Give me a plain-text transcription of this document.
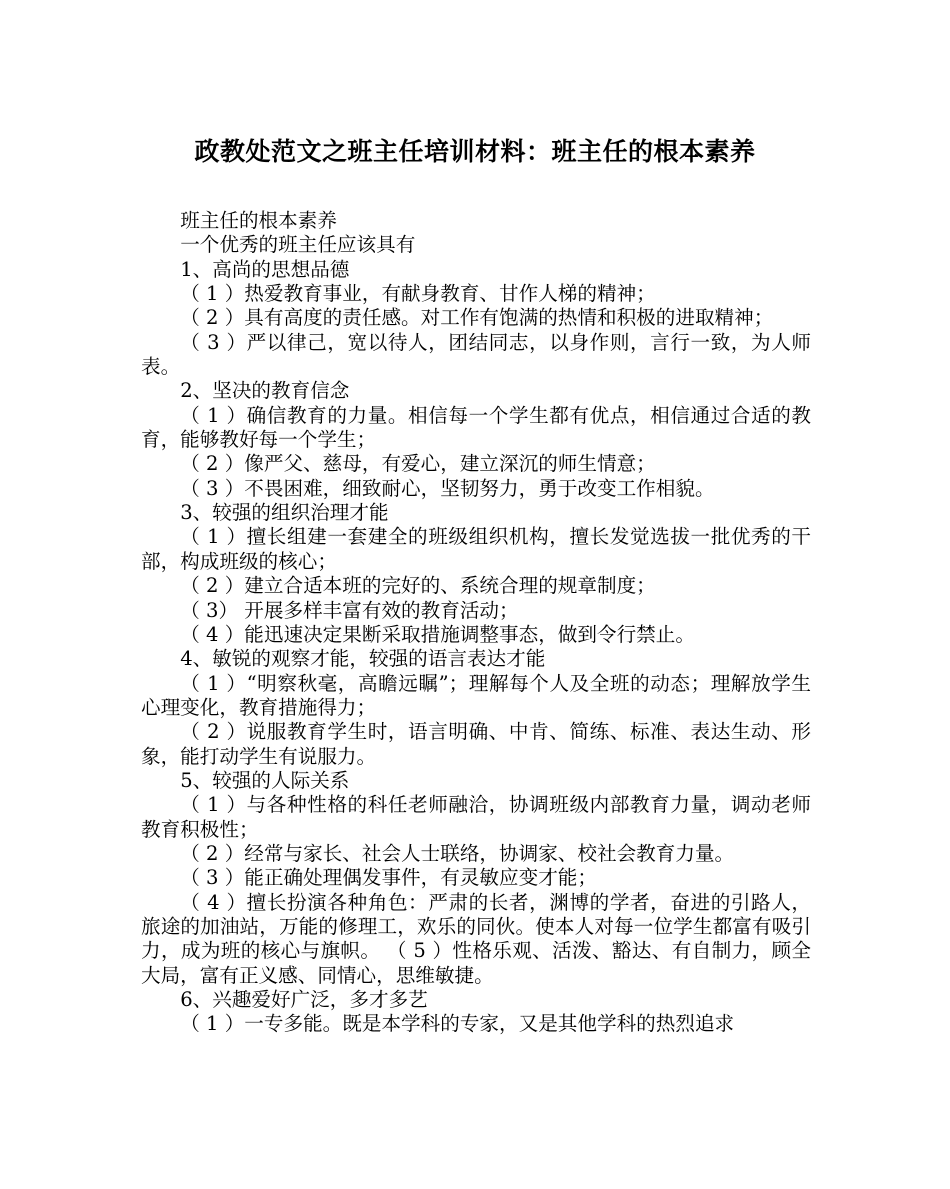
政教处范文之班主任培训材料：班主任的根本素养

班主任的根本素养

一个优秀的班主任应该具有

1、高尚的思想品德

（ 1 ）热爱教育事业，有献身教育、甘作人梯的精神；

（ 2 ）具有高度的责任感。对工作有饱满的热情和积极的进取精神；

（ 3 ）严以律己，宽以待人，团结同志，以身作则，言行一致，为人师表。

2、坚决的教育信念

（ 1 ）确信教育的力量。相信每一个学生都有优点，相信通过合适的教育，能够教好每一个学生；

（ 2 ）像严父、慈母，有爱心，建立深沉的师生情意；

（ 3 ）不畏困难，细致耐心，坚韧努力，勇于改变工作相貌。

3、较强的组织治理才能

（ 1 ）擅长组建一套建全的班级组织机构，擅长发觉选拔一批优秀的干部，构成班级的核心；

（ 2 ）建立合适本班的完好的、系统合理的规章制度；

（ 3） 开展多样丰富有效的教育活动；

（ 4 ）能迅速决定果断采取措施调整事态，做到令行禁止。

4、敏锐的观察才能，较强的语言表达才能

（ 1 ）“明察秋毫，高瞻远瞩”；理解每个人及全班的动态；理解放学生心理变化，教育措施得力；

（ 2 ）说服教育学生时，语言明确、中肯、简练、标准、表达生动、形象，能打动学生有说服力。

5、较强的人际关系

（ 1 ）与各种性格的科任老师融洽，协调班级内部教育力量，调动老师教育积极性；

（ 2 ）经常与家长、社会人士联络，协调家、校社会教育力量。

（ 3 ）能正确处理偶发事件，有灵敏应变才能；

（ 4 ）擅长扮演各种角色：严肃的长者，渊博的学者，奋进的引路人，旅途的加油站，万能的修理工，欢乐的同伙。使本人对每一位学生都富有吸引力，成为班的核心与旗帜。 （ 5 ）性格乐观、活泼、豁达、有自制力，顾全大局，富有正义感、同情心，思维敏捷。

6、兴趣爱好广泛，多才多艺

（ 1 ）一专多能。既是本学科的专家，又是其他学科的热烈追求
